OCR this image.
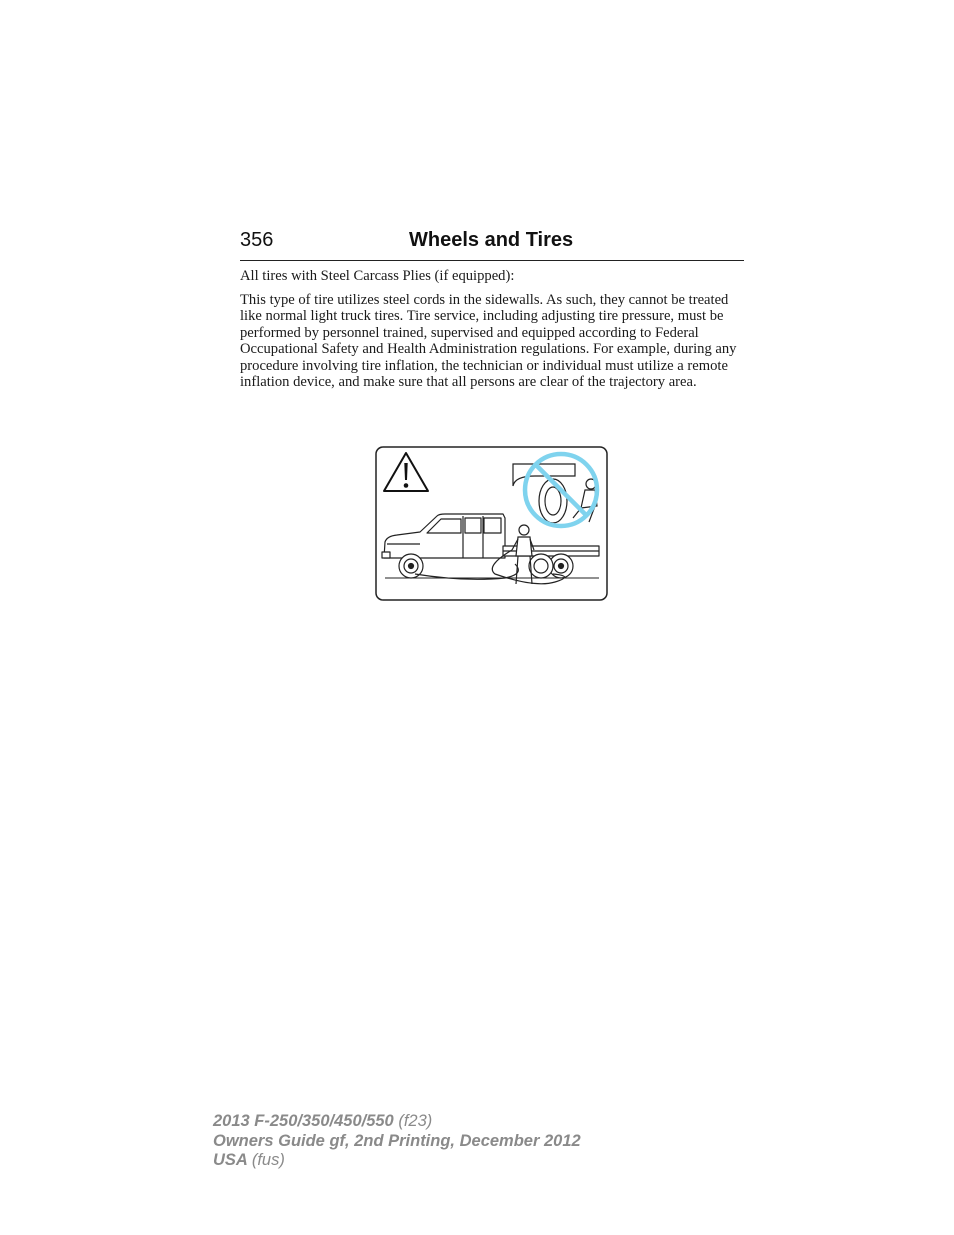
356	Wheels and Tires

All tires with Steel Carcass Plies (if equipped):

This type of tire utilizes steel cords in the sidewalls. As such, they cannot be treated like normal light truck tires. Tire service, including adjusting tire pressure, must be performed by personnel trained, supervised and equipped according to Federal Occupational Safety and Health Administration regulations. For example, during any procedure involving tire inflation, the technician or individual must utilize a remote inflation device, and make sure that all persons are clear of the trajectory area.

2013 F-250/350/450/550 (f23)
Owners Guide gf, 2nd Printing, December 2012
USA (fus)
